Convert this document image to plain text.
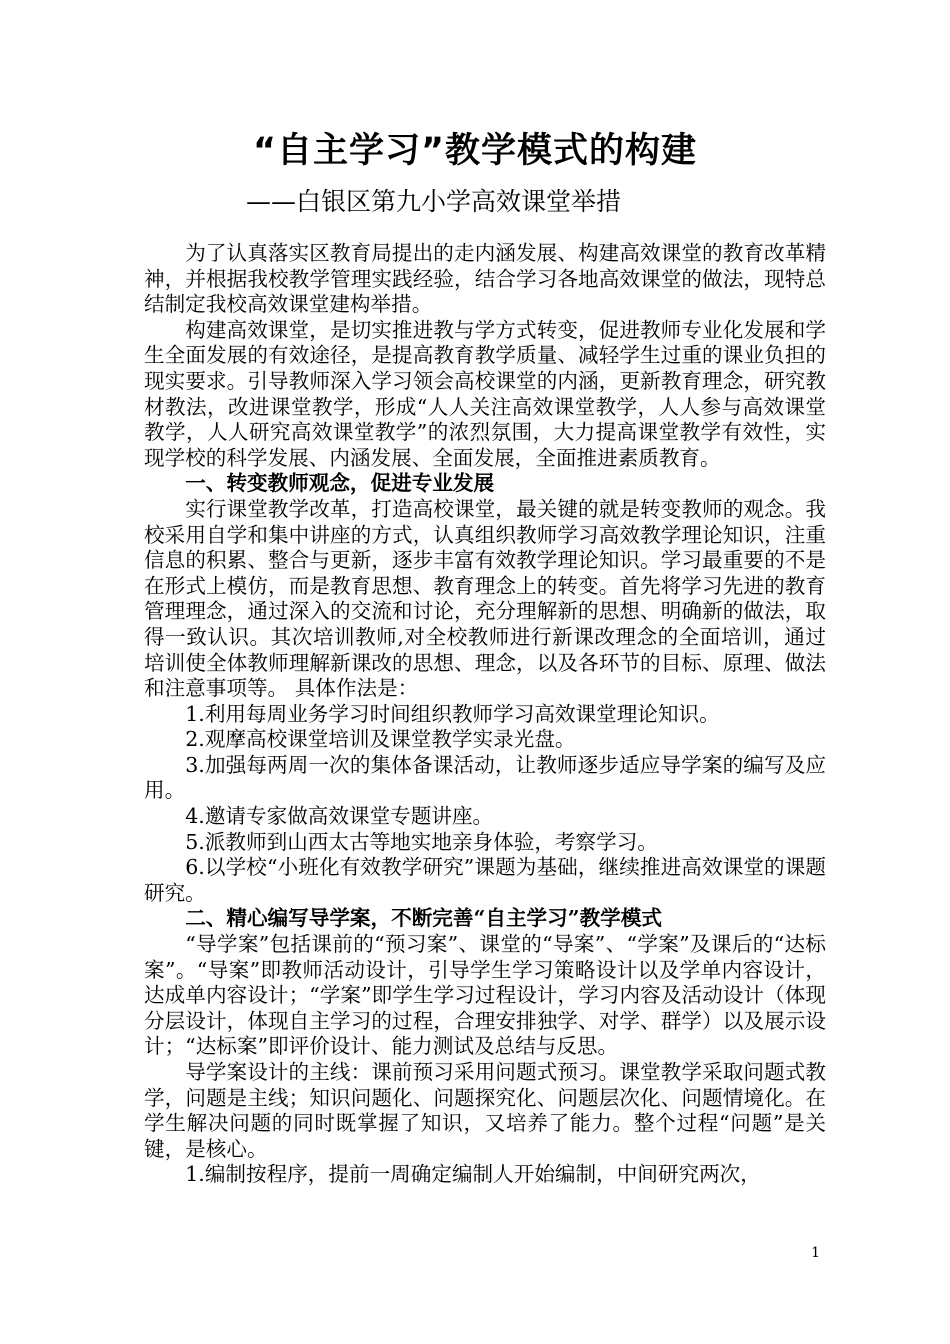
“自主学习”教学模式的构建
——白银区第九小学高效课堂举措

为了认真落实区教育局提出的走内涵发展、构建高效课堂的教育改革精神，并根据我校教学管理实践经验，结合学习各地高效课堂的做法，现特总结制定我校高效课堂建构举措。

构建高效课堂，是切实推进教与学方式转变，促进教师专业化发展和学生全面发展的有效途径，是提高教育教学质量、减轻学生过重的课业负担的现实要求。引导教师深入学习领会高校课堂的内涵，更新教育理念，研究教材教法，改进课堂教学，形成“人人关注高效课堂教学，人人参与高效课堂教学，人人研究高效课堂教学”的浓烈氛围，大力提高课堂教学有效性，实现学校的科学发展、内涵发展、全面发展，全面推进素质教育。

一、转变教师观念，促进专业发展

实行课堂教学改革，打造高校课堂，最关键的就是转变教师的观念。我校采用自学和集中讲座的方式，认真组织教师学习高效教学理论知识，注重信息的积累、整合与更新，逐步丰富有效教学理论知识。学习最重要的不是在形式上模仿，而是教育思想、教育理念上的转变。首先将学习先进的教育管理理念，通过深入的交流和讨论，充分理解新的思想、明确新的做法，取得一致认识。其次培训教师,对全校教师进行新课改理念的全面培训，通过培训使全体教师理解新课改的思想、理念，以及各环节的目标、原理、做法和注意事项等。 具体作法是：

1.利用每周业务学习时间组织教师学习高效课堂理论知识。

2.观摩高校课堂培训及课堂教学实录光盘。

3.加强每两周一次的集体备课活动，让教师逐步适应导学案的编写及应用。

4.邀请专家做高效课堂专题讲座。

5.派教师到山西太古等地实地亲身体验，考察学习。

6.以学校“小班化有效教学研究”课题为基础，继续推进高效课堂的课题研究。

二、精心编写导学案，不断完善“自主学习”教学模式

“导学案”包括课前的“预习案”、课堂的“导案”、“学案”及课后的“达标案”。“导案”即教师活动设计，引导学生学习策略设计以及学单内容设计，达成单内容设计；“学案”即学生学习过程设计，学习内容及活动设计（体现分层设计，体现自主学习的过程，合理安排独学、对学、群学）以及展示设计；“达标案”即评价设计、能力测试及总结与反思。

导学案设计的主线：课前预习采用问题式预习。课堂教学采取问题式教学，问题是主线；知识问题化、问题探究化、问题层次化、问题情境化。在学生解决问题的同时既掌握了知识，又培养了能力。整个过程“问题”是关键，是核心。

1.编制按程序，提前一周确定编制人开始编制，中间研究两次，

1
